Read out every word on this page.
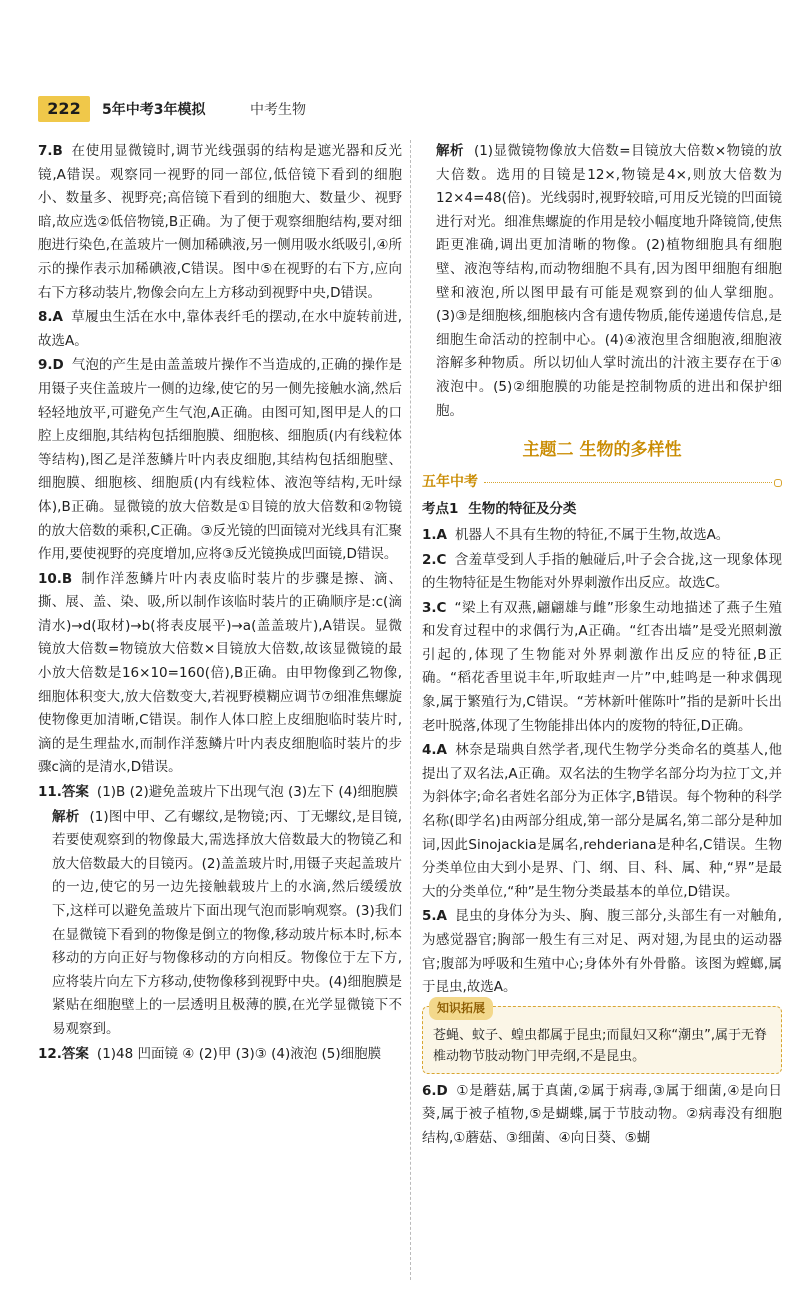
222	5年中考3年模拟	中考生物
7.B 在使用显微镜时,调节光线强弱的结构是遮光器和反光镜,A错误。观察同一视野的同一部位,低倍镜下看到的细胞小、数量多、视野亮;高倍镜下看到的细胞大、数量少、视野暗,故应选②低倍物镜,B正确。为了便于观察细胞结构,要对细胞进行染色,在盖玻片一侧加稀碘液,另一侧用吸水纸吸引,④所示的操作表示加稀碘液,C错误。图中⑤在视野的右下方,应向右下方移动装片,物像会向左上方移动到视野中央,D错误。
8.A 草履虫生活在水中,靠体表纤毛的摆动,在水中旋转前进,故选A。
9.D 气泡的产生是由盖盖玻片操作不当造成的,正确的操作是用镊子夹住盖玻片一侧的边缘,使它的另一侧先接触水滴,然后轻轻地放平,可避免产生气泡,A正确。由图可知,图甲是人的口腔上皮细胞,其结构包括细胞膜、细胞核、细胞质(内有线粒体等结构),图乙是洋葱鳞片叶内表皮细胞,其结构包括细胞壁、细胞膜、细胞核、细胞质(内有线粒体、液泡等结构,无叶绿体),B正确。显微镜的放大倍数是①目镜的放大倍数和②物镜的放大倍数的乘积,C正确。③反光镜的凹面镜对光线具有汇聚作用,要使视野的亮度增加,应将③反光镜换成凹面镜,D错误。
10.B 制作洋葱鳞片叶内表皮临时装片的步骤是擦、滴、撕、展、盖、染、吸,所以制作该临时装片的正确顺序是:c(滴清水)→d(取材)→b(将表皮展平)→a(盖盖玻片),A错误。显微镜放大倍数=物镜放大倍数×目镜放大倍数,故该显微镜的最小放大倍数是16×10=160(倍),B正确。由甲物像到乙物像,细胞体积变大,放大倍数变大,若视野模糊应调节⑦细准焦螺旋使物像更加清晰,C错误。制作人体口腔上皮细胞临时装片时,滴的是生理盐水,而制作洋葱鳞片叶内表皮细胞临时装片的步骤c滴的是清水,D错误。
11.答案 (1)B (2)避免盖玻片下出现气泡 (3)左下 (4)细胞膜
解析 (1)图中甲、乙有螺纹,是物镜;丙、丁无螺纹,是目镜,若要使观察到的物像最大,需选择放大倍数最大的物镜乙和放大倍数最大的目镜丙。(2)盖盖玻片时,用镊子夹起盖玻片的一边,使它的另一边先接触载玻片上的水滴,然后缓缓放下,这样可以避免盖玻片下面出现气泡而影响观察。(3)我们在显微镜下看到的物像是倒立的物像,移动玻片标本时,标本移动的方向正好与物像移动的方向相反。物像位于左下方,应将装片向左下方移动,使物像移到视野中央。(4)细胞膜是紧贴在细胞壁上的一层透明且极薄的膜,在光学显微镜下不易观察到。
12.答案 (1)48 凹面镜 ④ (2)甲 (3)③ (4)液泡 (5)细胞膜
解析 (1)显微镜物像放大倍数=目镜放大倍数×物镜的放大倍数。选用的目镜是12×,物镜是4×,则放大倍数为12×4=48(倍)。光线弱时,视野较暗,可用反光镜的凹面镜进行对光。细准焦螺旋的作用是较小幅度地升降镜筒,使焦距更准确,调出更加清晰的物像。(2)植物细胞具有细胞壁、液泡等结构,而动物细胞不具有,因为图甲细胞有细胞壁和液泡,所以图甲最有可能是观察到的仙人掌细胞。(3)③是细胞核,细胞核内含有遗传物质,能传递遗传信息,是细胞生命活动的控制中心。(4)④液泡里含细胞液,细胞液溶解多种物质。所以切仙人掌时流出的汁液主要存在于④液泡中。(5)②细胞膜的功能是控制物质的进出和保护细胞。
主题二 生物的多样性
五年中考
考点1 生物的特征及分类
1.A 机器人不具有生物的特征,不属于生物,故选A。
2.C 含羞草受到人手指的触碰后,叶子会合拢,这一现象体现的生物特征是生物能对外界刺激作出反应。故选C。
3.C “梁上有双燕,翩翩雄与雌”形象生动地描述了燕子生殖和发育过程中的求偶行为,A正确。“红杏出墙”是受光照刺激引起的,体现了生物能对外界刺激作出反应的特征,B正确。“稻花香里说丰年,听取蛙声一片”中,蛙鸣是一种求偶现象,属于繁殖行为,C错误。“芳林新叶催陈叶”指的是新叶长出老叶脱落,体现了生物能排出体内的废物的特征,D正确。
4.A 林奈是瑞典自然学者,现代生物学分类命名的奠基人,他提出了双名法,A正确。双名法的生物学名部分均为拉丁文,并为斜体字;命名者姓名部分为正体字,B错误。每个物种的科学名称(即学名)由两部分组成,第一部分是属名,第二部分是种加词,因此Sinojackia是属名,rehderiana是种名,C错误。生物分类单位由大到小是界、门、纲、目、科、属、种,“界”是最大的分类单位,“种”是生物分类最基本的单位,D错误。
5.A 昆虫的身体分为头、胸、腹三部分,头部生有一对触角,为感觉器官;胸部一般生有三对足、两对翅,为昆虫的运动器官;腹部为呼吸和生殖中心;身体外有外骨骼。该图为螳螂,属于昆虫,故选A。
知识拓展
苍蝇、蚊子、蝗虫都属于昆虫;而鼠妇又称“潮虫”,属于无脊椎动物节肢动物门甲壳纲,不是昆虫。
6.D ①是蘑菇,属于真菌,②属于病毒,③属于细菌,④是向日葵,属于被子植物,⑤是蝴蝶,属于节肢动物。②病毒没有细胞结构,①蘑菇、③细菌、④向日葵、⑤蝴
